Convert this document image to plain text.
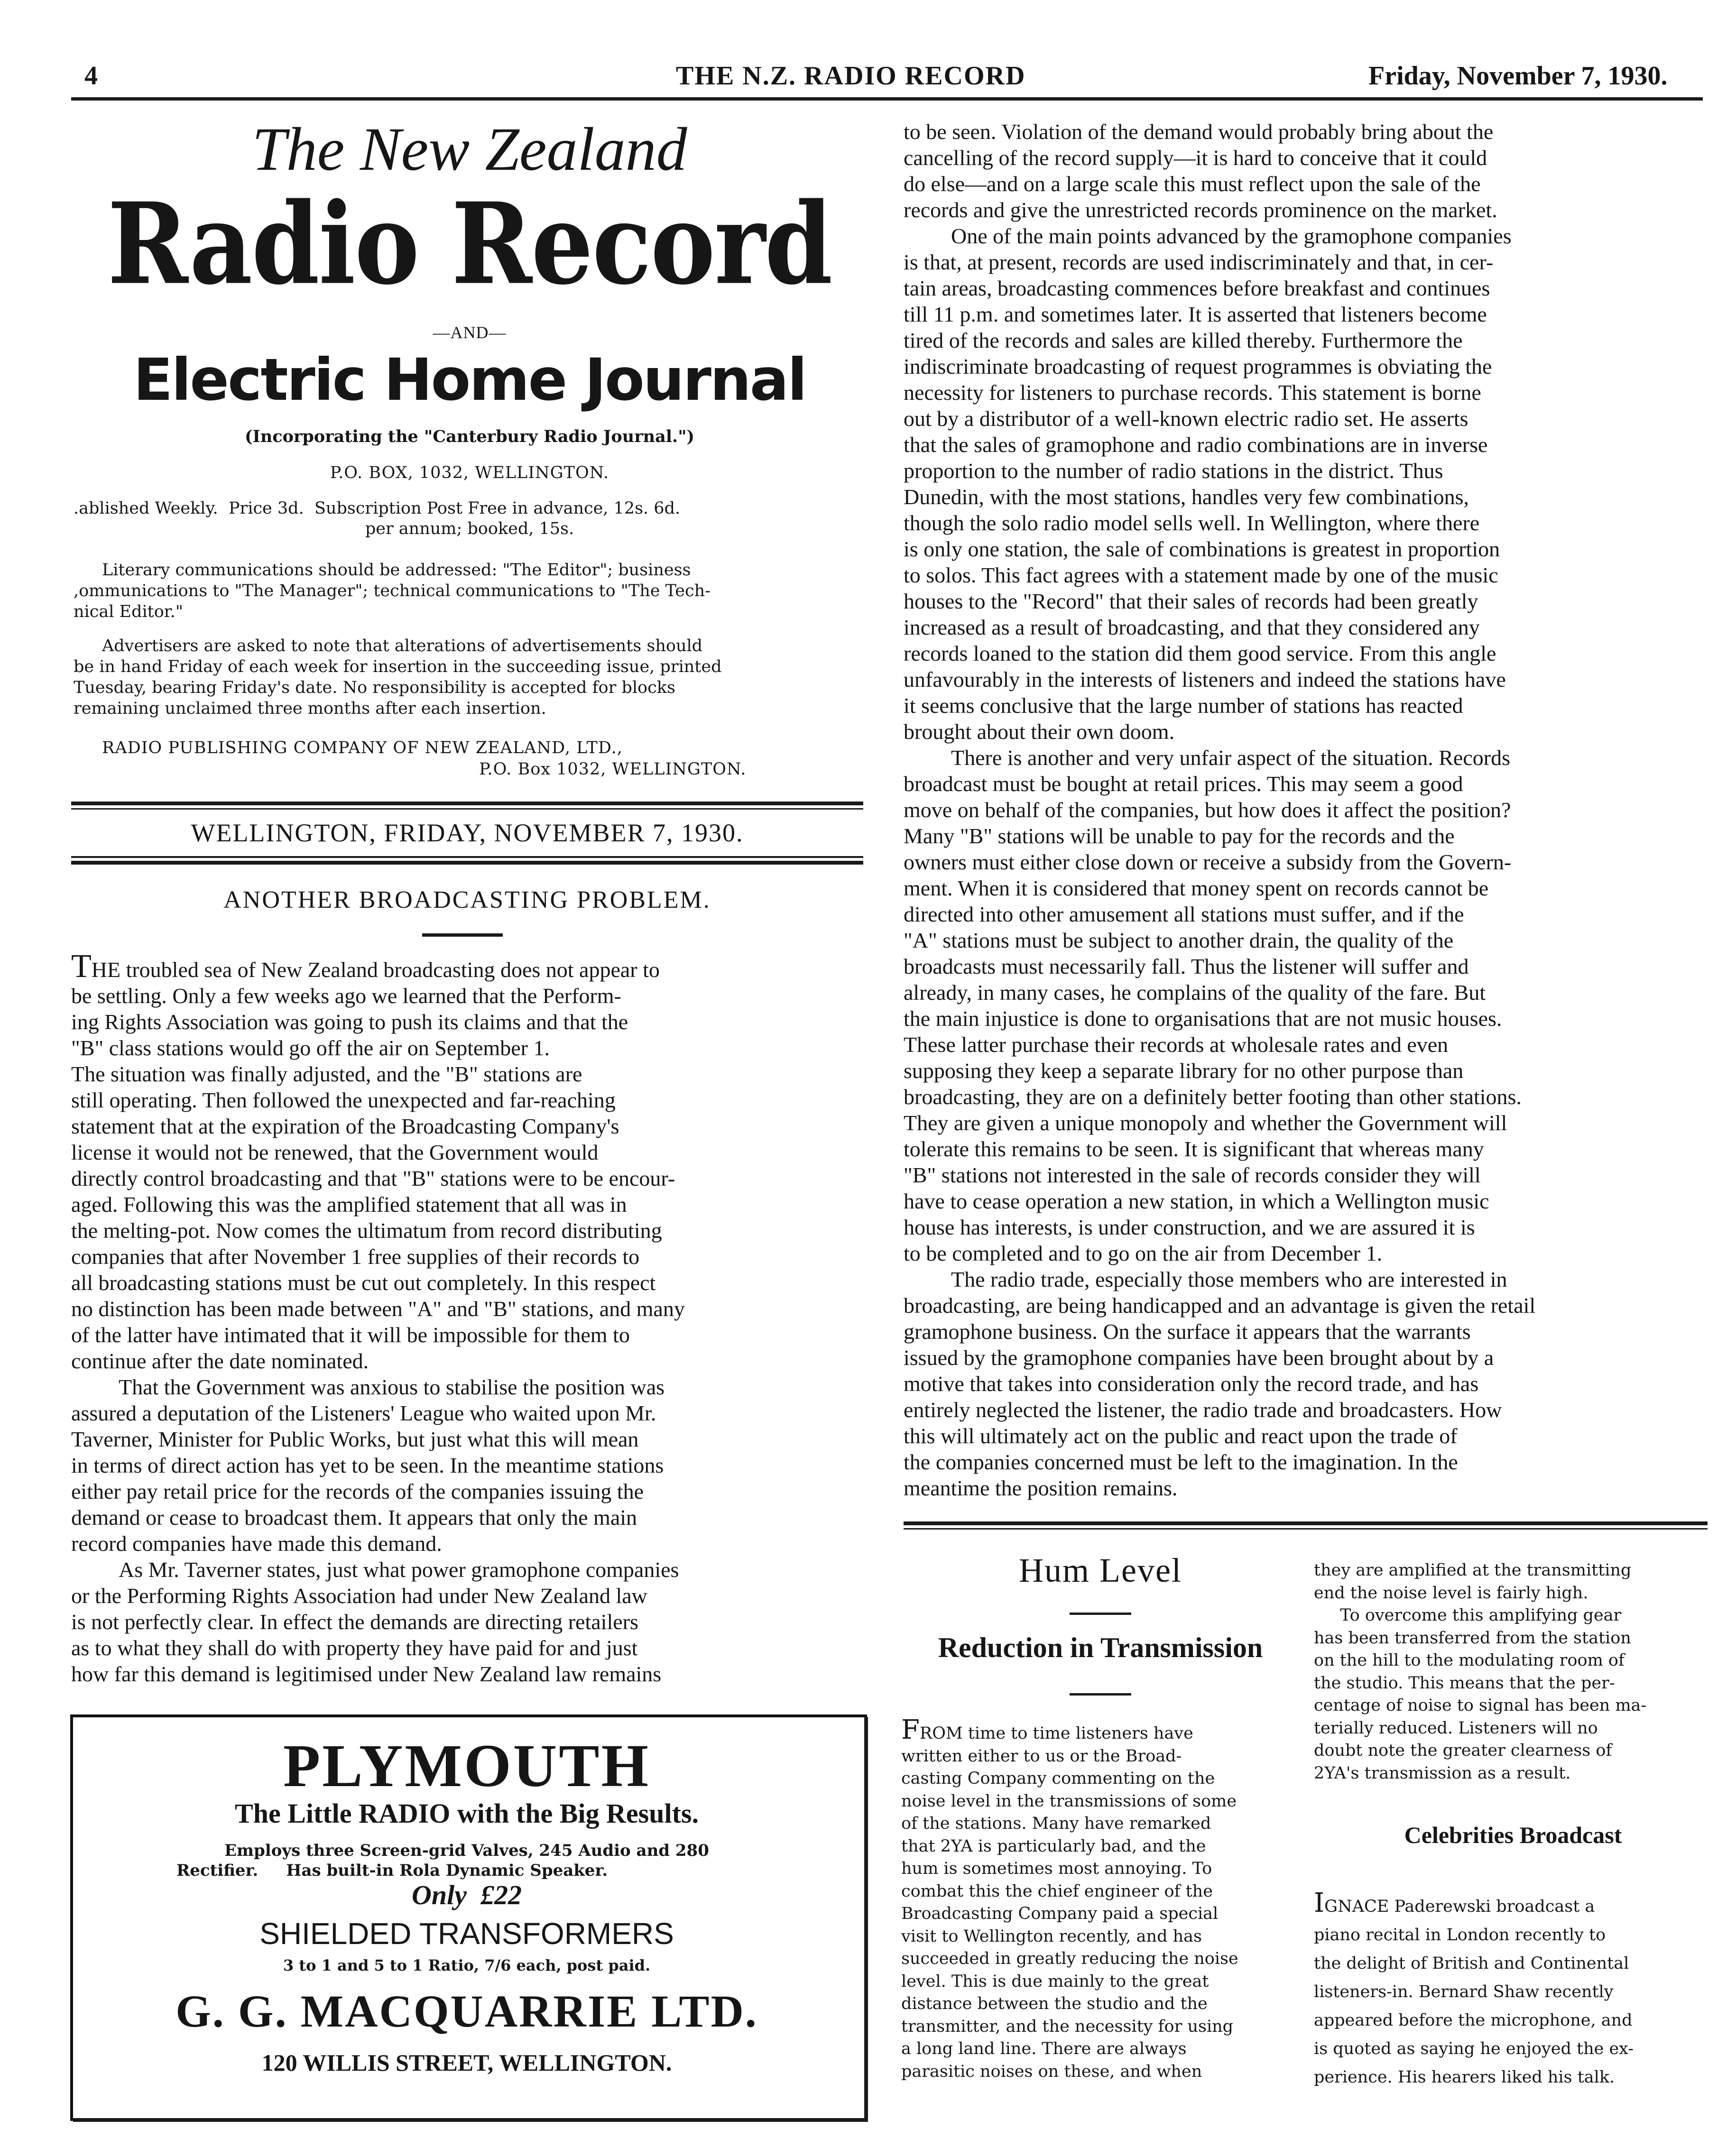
4	THE N.Z. RADIO RECORD	Friday, November 7, 1930.
The New Zealand
Radio Record
—AND—
Electric Home Journal
(Incorporating the "Canterbury Radio Journal.")
P.O. BOX, 1032, WELLINGTON.
.ablished Weekly.  Price 3d.  Subscription Post Free in advance, 12s. 6d.
per annum; booked, 15s.
Literary communications should be addressed: "The Editor"; business
,ommunications to "The Manager"; technical communications to "The Tech-
nical Editor."
Advertisers are asked to note that alterations of advertisements should
be in hand Friday of each week for insertion in the succeeding issue, printed
Tuesday, bearing Friday's date. No responsibility is accepted for blocks
remaining unclaimed three months after each insertion.
RADIO PUBLISHING COMPANY OF NEW ZEALAND, LTD.,
P.O. Box 1032, WELLINGTON.
WELLINGTON, FRIDAY, NOVEMBER 7, 1930.
ANOTHER BROADCASTING PROBLEM.

THE troubled sea of New Zealand broadcasting does not appear to
be settling. Only a few weeks ago we learned that the Perform-
ing Rights Association was going to push its claims and that the
"B" class stations would go off the air on September 1.
The situation was finally adjusted, and the "B" stations are
still operating. Then followed the unexpected and far-reaching
statement that at the expiration of the Broadcasting Company's
license it would not be renewed, that the Government would
directly control broadcasting and that "B" stations were to be encour-
aged. Following this was the amplified statement that all was in
the melting-pot. Now comes the ultimatum from record distributing
companies that after November 1 free supplies of their records to
all broadcasting stations must be cut out completely. In this respect
no distinction has been made between "A" and "B" stations, and many
of the latter have intimated that it will be impossible for them to
continue after the date nominated.

That the Government was anxious to stabilise the position was
assured a deputation of the Listeners' League who waited upon Mr.
Taverner, Minister for Public Works, but just what this will mean
in terms of direct action has yet to be seen. In the meantime stations
either pay retail price for the records of the companies issuing the
demand or cease to broadcast them. It appears that only the main
record companies have made this demand.

As Mr. Taverner states, just what power gramophone companies
or the Performing Rights Association had under New Zealand law
is not perfectly clear. In effect the demands are directing retailers
as to what they shall do with property they have paid for and just
how far this demand is legitimised under New Zealand law remains

to be seen. Violation of the demand would probably bring about the
cancelling of the record supply—it is hard to conceive that it could
do else—and on a large scale this must reflect upon the sale of the
records and give the unrestricted records prominence on the market.

One of the main points advanced by the gramophone companies
is that, at present, records are used indiscriminately and that, in cer-
tain areas, broadcasting commences before breakfast and continues
till 11 p.m. and sometimes later. It is asserted that listeners become
tired of the records and sales are killed thereby. Furthermore the
indiscriminate broadcasting of request programmes is obviating the
necessity for listeners to purchase records. This statement is borne
out by a distributor of a well-known electric radio set. He asserts
that the sales of gramophone and radio combinations are in inverse
proportion to the number of radio stations in the district. Thus
Dunedin, with the most stations, handles very few combinations,
though the solo radio model sells well. In Wellington, where there
is only one station, the sale of combinations is greatest in proportion
to solos. This fact agrees with a statement made by one of the music
houses to the "Record" that their sales of records had been greatly
increased as a result of broadcasting, and that they considered any
records loaned to the station did them good service. From this angle
unfavourably in the interests of listeners and indeed the stations have
it seems conclusive that the large number of stations has reacted
brought about their own doom.

There is another and very unfair aspect of the situation. Records
broadcast must be bought at retail prices. This may seem a good
move on behalf of the companies, but how does it affect the position?
Many "B" stations will be unable to pay for the records and the
owners must either close down or receive a subsidy from the Govern-
ment. When it is considered that money spent on records cannot be
directed into other amusement all stations must suffer, and if the
"A" stations must be subject to another drain, the quality of the
broadcasts must necessarily fall. Thus the listener will suffer and
already, in many cases, he complains of the quality of the fare. But
the main injustice is done to organisations that are not music houses.
These latter purchase their records at wholesale rates and even
supposing they keep a separate library for no other purpose than
broadcasting, they are on a definitely better footing than other stations.
They are given a unique monopoly and whether the Government will
tolerate this remains to be seen. It is significant that whereas many
"B" stations not interested in the sale of records consider they will
have to cease operation a new station, in which a Wellington music
house has interests, is under construction, and we are assured it is
to be completed and to go on the air from December 1.

The radio trade, especially those members who are interested in
broadcasting, are being handicapped and an advantage is given the retail
gramophone business. On the surface it appears that the warrants
issued by the gramophone companies have been brought about by a
motive that takes into consideration only the record trade, and has
entirely neglected the listener, the radio trade and broadcasters. How
this will ultimately act on the public and react upon the trade of
the companies concerned must be left to the imagination. In the
meantime the position remains.

PLYMOUTH
The Little RADIO with the Big Results.
Employs three Screen-grid Valves, 245 Audio and 280
Rectifier.     Has built-in Rola Dynamic Speaker.
Only  £22
SHIELDED TRANSFORMERS
3 to 1 and 5 to 1 Ratio, 7/6 each, post paid.
G. G. MACQUARRIE LTD.
120 WILLIS STREET, WELLINGTON.
Hum Level
Reduction in Transmission

FROM time to time listeners have
written either to us or the Broad-
casting Company commenting on the
noise level in the transmissions of some
of the stations. Many have remarked
that 2YA is particularly bad, and the
hum is sometimes most annoying. To
combat this the chief engineer of the
Broadcasting Company paid a special
visit to Wellington recently, and has
succeeded in greatly reducing the noise
level. This is due mainly to the great
distance between the studio and the
transmitter, and the necessity for using
a long land line. There are always
parasitic noises on these, and when

they are amplified at the transmitting
end the noise level is fairly high.

To overcome this amplifying gear
has been transferred from the station
on the hill to the modulating room of
the studio. This means that the per-
centage of noise to signal has been ma-
terially reduced. Listeners will no
doubt note the greater clearness of
2YA's transmission as a result.

Celebrities Broadcast

IGNACE Paderewski broadcast a
piano recital in London recently to
the delight of British and Continental
listeners-in. Bernard Shaw recently
appeared before the microphone, and
is quoted as saying he enjoyed the ex-
perience. His hearers liked his talk.
